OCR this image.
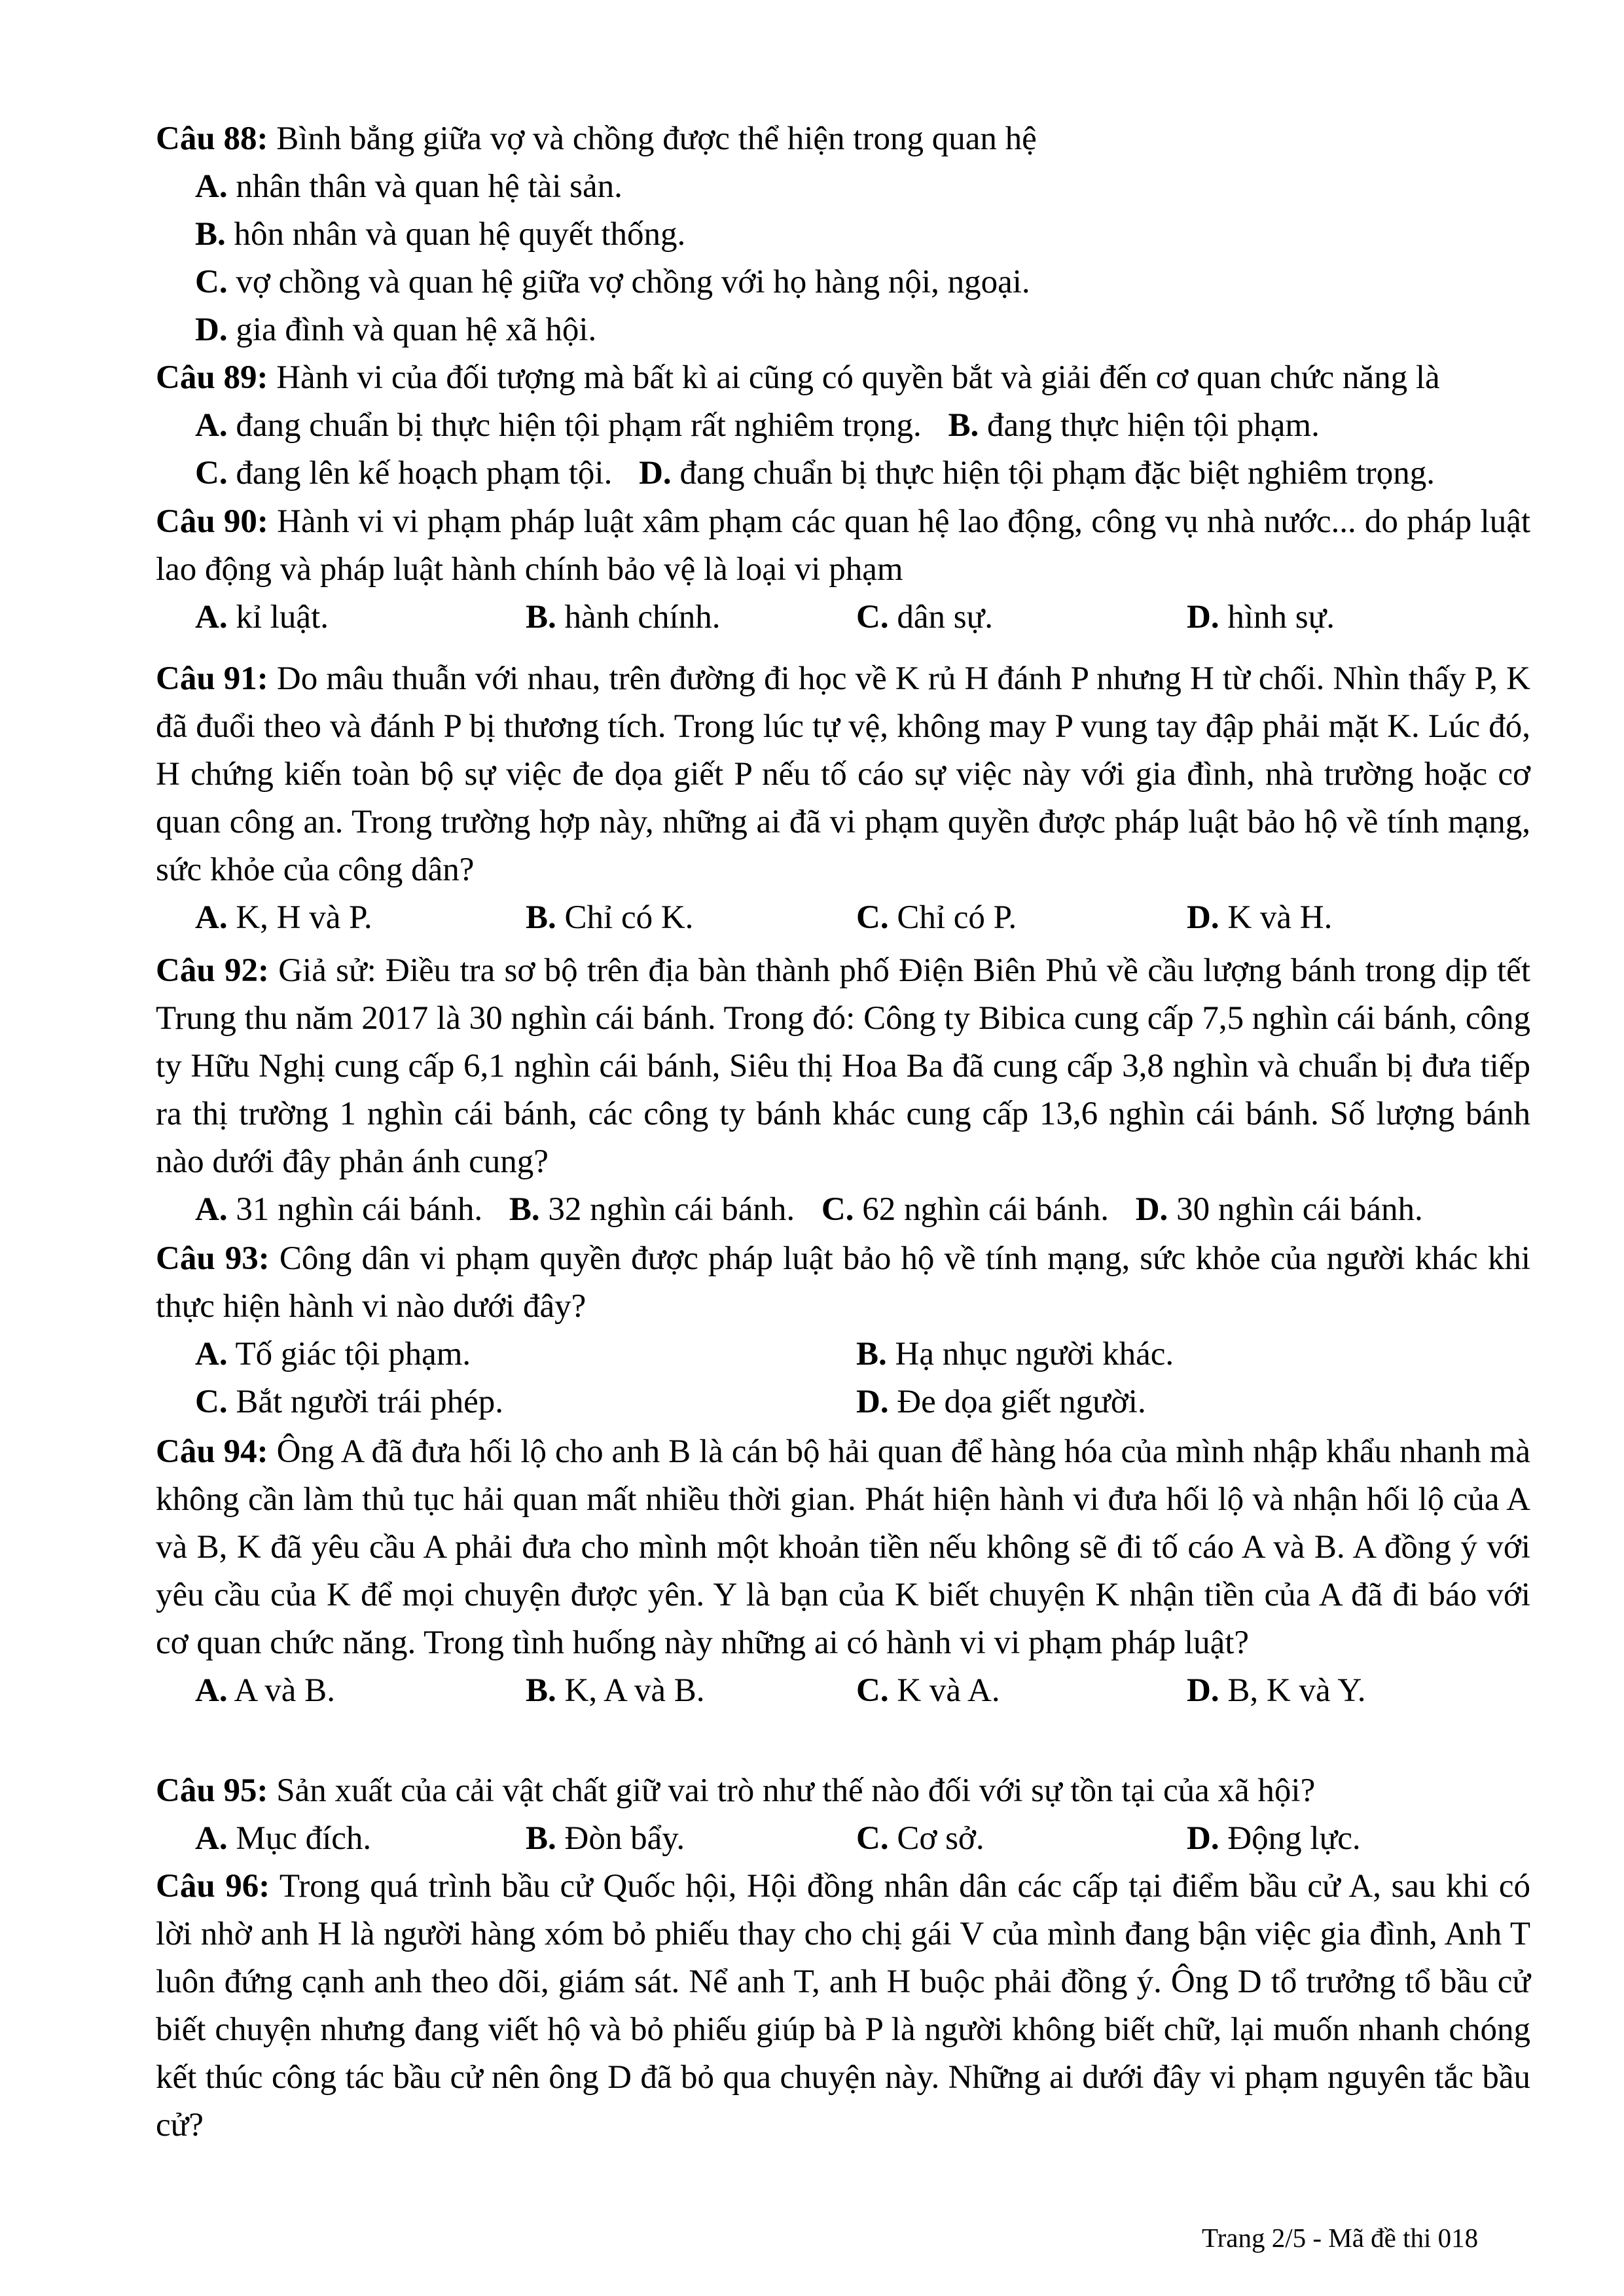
Câu 88: Bình bẳng giữa vợ và chồng được thể hiện trong quan hệ

A. nhân thân và quan hệ tài sản.
B. hôn nhân và quan hệ quyết thống.
C. vợ chồng và quan hệ giữa vợ chồng với họ hàng nội, ngoại.
D. gia đình và quan hệ xã hội.

Câu 89: Hành vi của đối tượng mà bất kì ai cũng có quyền bắt và giải đến cơ quan chức năng là

A. đang chuẩn bị thực hiện tội phạm rất nghiêm trọng. B. đang thực hiện tội phạm.
C. đang lên kế hoạch phạm tội. D. đang chuẩn bị thực hiện tội phạm đặc biệt nghiêm trọng.

Câu 90: Hành vi vi phạm pháp luật xâm phạm các quan hệ lao động, công vụ nhà nước... do pháp luật lao động và pháp luật hành chính bảo vệ là loại vi phạm

A. kỉ luật.	B. hành chính.	C. dân sự.	D. hình sự.

Câu 91: Do mâu thuẫn với nhau, trên đường đi học về K rủ H đánh P nhưng H từ chối. Nhìn thấy P, K đã đuổi theo và đánh P bị thương tích. Trong lúc tự vệ, không may P vung tay đập phải mặt K. Lúc đó, H chứng kiến toàn bộ sự việc đe dọa giết P nếu tố cáo sự việc này với gia đình, nhà trường hoặc cơ quan công an. Trong trường hợp này, những ai đã vi phạm quyền được pháp luật bảo hộ về tính mạng, sức khỏe của công dân?

A. K, H và P.	B. Chỉ có K.	C. Chỉ có P.	D. K và H.

Câu 92: Giả sử: Điều tra sơ bộ trên địa bàn thành phố Điện Biên Phủ về cầu lượng bánh trong dịp tết Trung thu năm 2017 là 30 nghìn cái bánh. Trong đó: Công ty Bibica cung cấp 7,5 nghìn cái bánh, công ty Hữu Nghị cung cấp 6,1 nghìn cái bánh, Siêu thị Hoa Ba đã cung cấp 3,8 nghìn và chuẩn bị đưa tiếp ra thị trường 1 nghìn cái bánh, các công ty bánh khác cung cấp 13,6 nghìn cái bánh. Số lượng bánh nào dưới đây phản ánh cung?

A. 31 nghìn cái bánh. B. 32 nghìn cái bánh. C. 62 nghìn cái bánh. D. 30 nghìn cái bánh.

Câu 93: Công dân vi phạm quyền được pháp luật bảo hộ về tính mạng, sức khỏe của người khác khi thực hiện hành vi nào dưới đây?

A. Tố giác tội phạm.	B. Hạ nhục người khác.
C. Bắt người trái phép.	D. Đe dọa giết người.

Câu 94: Ông A đã đưa hối lộ cho anh B là cán bộ hải quan để hàng hóa của mình nhập khẩu nhanh mà không cần làm thủ tục hải quan mất nhiều thời gian. Phát hiện hành vi đưa hối lộ và nhận hối lộ của A và B, K đã yêu cầu A phải đưa cho mình một khoản tiền nếu không sẽ đi tố cáo A và B. A đồng ý với yêu cầu của K để mọi chuyện được yên. Y là bạn của K biết chuyện K nhận tiền của A đã đi báo với cơ quan chức năng. Trong tình huống này những ai có hành vi vi phạm pháp luật?

A. A và B.	B. K, A và B.	C. K và A.	D. B, K và Y.

Câu 95: Sản xuất của cải vật chất giữ vai trò như thế nào đối với sự tồn tại của xã hội?

A. Mục đích.	B. Đòn bẩy.	C. Cơ sở.	D. Động lực.

Câu 96: Trong quá trình bầu cử Quốc hội, Hội đồng nhân dân các cấp tại điểm bầu cử A, sau khi có lời nhờ anh H là người hàng xóm bỏ phiếu thay cho chị gái V của mình đang bận việc gia đình, Anh T luôn đứng cạnh anh theo dõi, giám sát. Nể anh T, anh H buộc phải đồng ý. Ông D tổ trưởng tổ bầu cử biết chuyện nhưng đang viết hộ và bỏ phiếu giúp bà P là người không biết chữ, lại muốn nhanh chóng kết thúc công tác bầu cử nên ông D đã bỏ qua chuyện này. Những ai dưới đây vi phạm nguyên tắc bầu cử?

Trang 2/5 - Mã đề thi 018
